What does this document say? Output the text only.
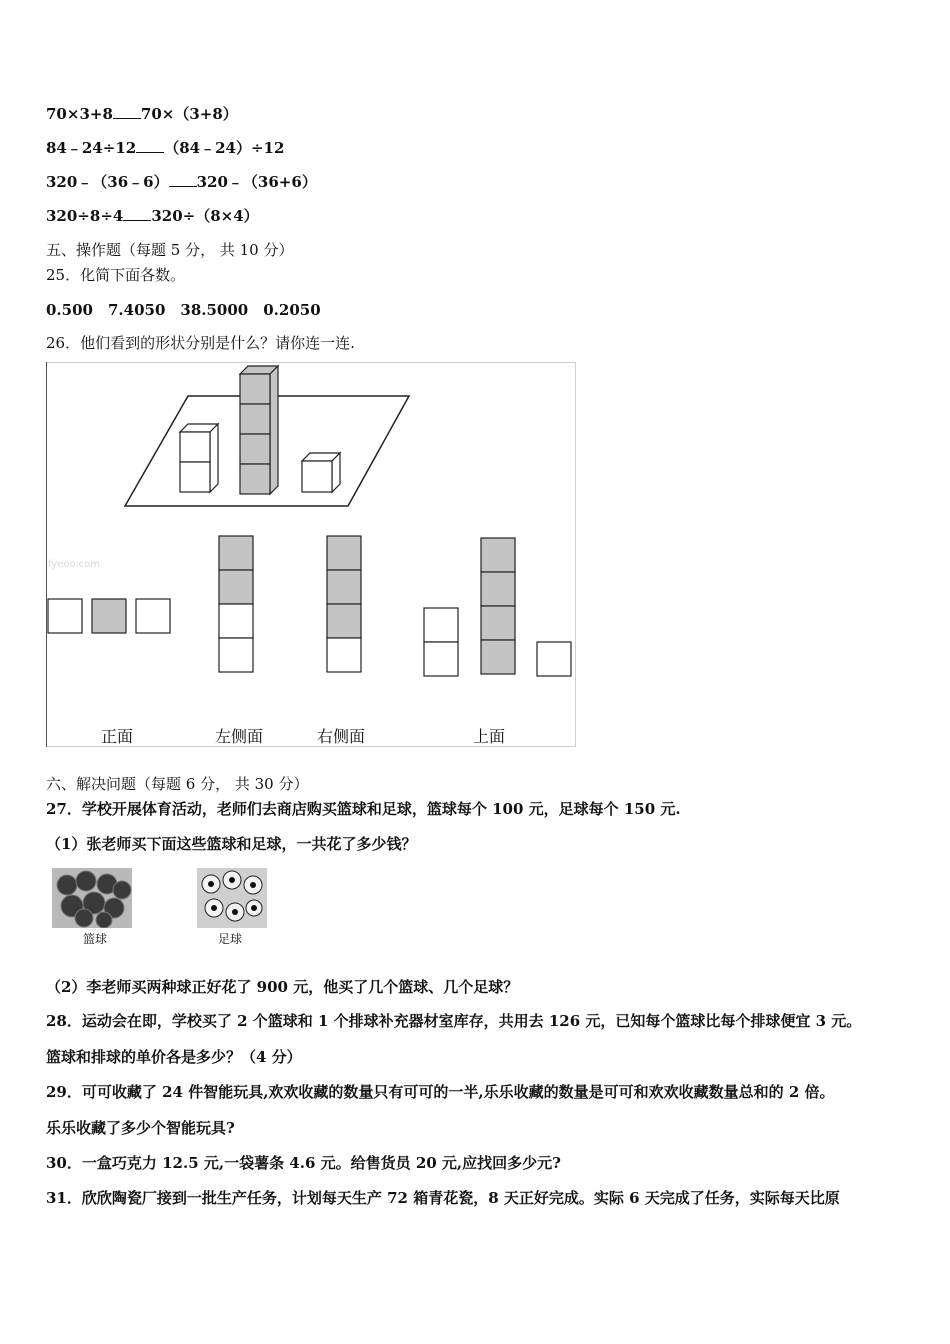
70×3+8 70×（3+8）
84﹣24÷12 （84﹣24）÷12
320﹣（36﹣6） 320﹣（36+6）
320÷8÷4 320÷（8×4）
五、操作题（每题 5 分， 共 10 分）
25．化简下面各数。
0.500　7.4050　38.5000　0.2050
26．他们看到的形状分别是什么？请你连一连.
fyeoo.com
正面	左侧面	右侧面	上面
六、解决问题（每题 6 分， 共 30 分）
27．学校开展体育活动，老师们去商店购买篮球和足球，篮球每个 100 元，足球每个 150 元.
（1）张老师买下面这些篮球和足球，一共花了多少钱？
篮球	足球
（2）李老师买两种球正好花了 900 元，他买了几个篮球、几个足球？
28．运动会在即，学校买了 2 个篮球和 1 个排球补充器材室库存，共用去 126 元，已知每个篮球比每个排球便宜 3 元。
篮球和排球的单价各是多少？（4 分）
29．可可收藏了 24 件智能玩具,欢欢收藏的数量只有可可的一半,乐乐收藏的数量是可可和欢欢收藏数量总和的 2 倍。
乐乐收藏了多少个智能玩具?
30．一盒巧克力 12.5 元,一袋薯条 4.6 元。给售货员 20 元,应找回多少元?
31．欣欣陶瓷厂接到一批生产任务，计划每天生产 72 箱青花瓷，8 天正好完成。实际 6 天完成了任务，实际每天比原
